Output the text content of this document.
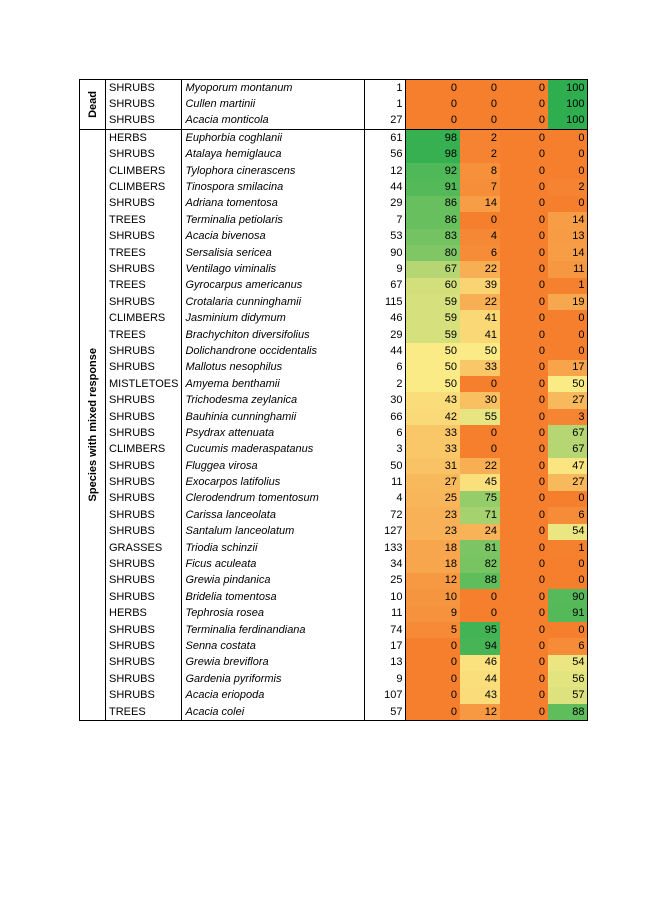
Dead	SHRUBS	Myoporum montanum	1	0	0	0	100
	SHRUBS	Cullen martinii	1	0	0	0	100
	SHRUBS	Acacia monticola	27	0	0	0	100

Species with mixed response	HERBS	Euphorbia coghlanii	61	98	2	0	0
	SHRUBS	Atalaya hemiglauca	56	98	2	0	0
	CLIMBERS	Tylophora cinerascens	12	92	8	0	0
	CLIMBERS	Tinospora smilacina	44	91	7	0	2
	SHRUBS	Adriana tomentosa	29	86	14	0	0
	TREES	Terminalia petiolaris	7	86	0	0	14
	SHRUBS	Acacia bivenosa	53	83	4	0	13
	TREES	Sersalisia sericea	90	80	6	0	14
	SHRUBS	Ventilago viminalis	9	67	22	0	11
	TREES	Gyrocarpus americanus	67	60	39	0	1
	SHRUBS	Crotalaria cunninghamii	115	59	22	0	19
	CLIMBERS	Jasminium didymum	46	59	41	0	0
	TREES	Brachychiton diversifolius	29	59	41	0	0
	SHRUBS	Dolichandrone occidentalis	44	50	50	0	0
	SHRUBS	Mallotus nesophilus	6	50	33	0	17
	MISTLETOES	Amyema benthamii	2	50	0	0	50
	SHRUBS	Trichodesma zeylanica	30	43	30	0	27
	SHRUBS	Bauhinia cunninghamii	66	42	55	0	3
	SHRUBS	Psydrax attenuata	6	33	0	0	67
	CLIMBERS	Cucumis maderaspatanus	3	33	0	0	67
	SHRUBS	Fluggea virosa	50	31	22	0	47
	SHRUBS	Exocarpos latifolius	11	27	45	0	27
	SHRUBS	Clerodendrum tomentosum	4	25	75	0	0
	SHRUBS	Carissa lanceolata	72	23	71	0	6
	SHRUBS	Santalum lanceolatum	127	23	24	0	54
	GRASSES	Triodia schinzii	133	18	81	0	1
	SHRUBS	Ficus aculeata	34	18	82	0	0
	SHRUBS	Grewia pindanica	25	12	88	0	0
	SHRUBS	Bridelia tomentosa	10	10	0	0	90
	HERBS	Tephrosia rosea	11	9	0	0	91
	SHRUBS	Terminalia ferdinandiana	74	5	95	0	0
	SHRUBS	Senna costata	17	0	94	0	6
	SHRUBS	Grewia breviflora	13	0	46	0	54
	SHRUBS	Gardenia pyriformis	9	0	44	0	56
	SHRUBS	Acacia eriopoda	107	0	43	0	57
	TREES	Acacia colei	57	0	12	0	88
